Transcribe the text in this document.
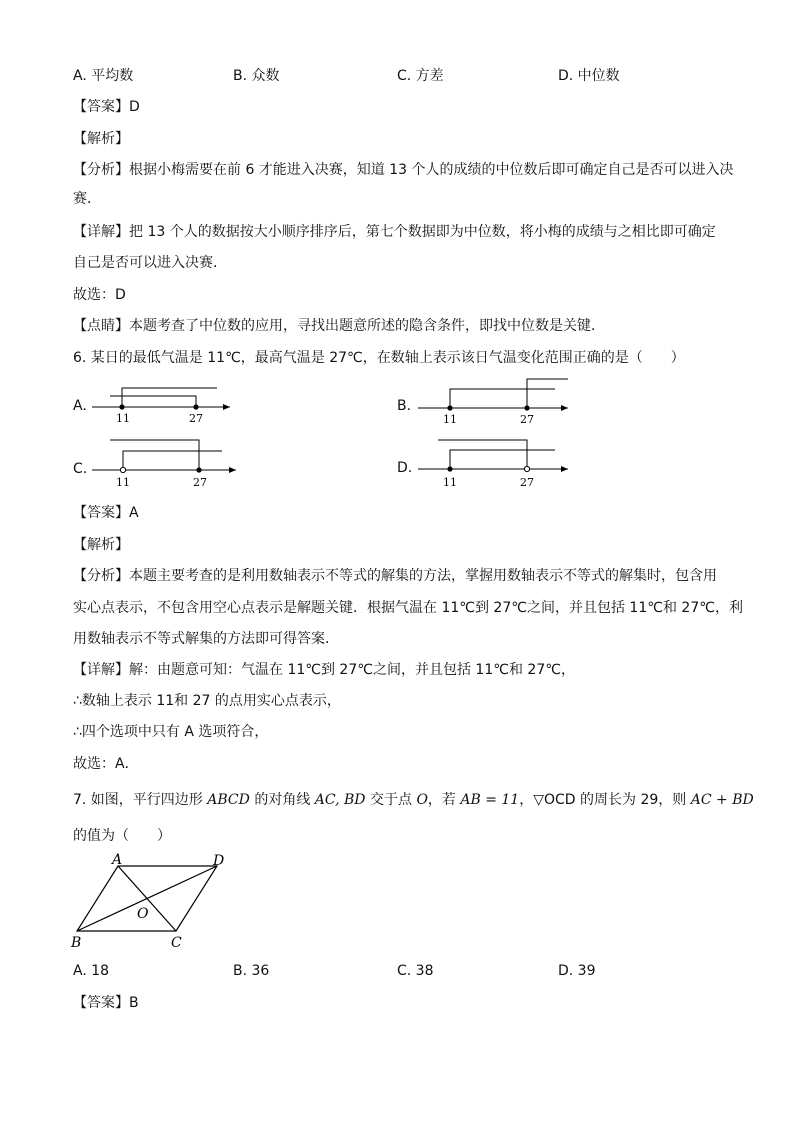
A. 平均数	B. 众数	C. 方差	D. 中位数
【答案】D
【解析】
【分析】根据小梅需要在前 6 才能进入决赛，知道 13 个人的成绩的中位数后即可确定自己是否可以进入决
赛．
【详解】把 13 个人的数据按大小顺序排序后，第七个数据即为中位数，将小梅的成绩与之相比即可确定
自己是否可以进入决赛．
故选：D
【点睛】本题考查了中位数的应用，寻找出题意所述的隐含条件，即找中位数是关键．
6. 某日的最低气温是 11℃，最高气温是 27℃，在数轴上表示该日气温变化范围正确的是（　　）
A.
11	27	11	27
11	27	11	27
B.
C.	D.
【答案】A
【解析】
【分析】本题主要考查的是利用数轴表示不等式的解集的方法，掌握用数轴表示不等式的解集时，包含用
实心点表示，不包含用空心点表示是解题关键．根据气温在 11℃到 27℃之间，并且包括 11℃和 27℃，利
用数轴表示不等式解集的方法即可得答案．
【详解】解：由题意可知：气温在 11℃到 27℃之间，并且包括 11℃和 27℃，
∴数轴上表示 11和 27 的点用实心点表示，
∴四个选项中只有 A 选项符合，
故选：A．
7. 如图，平行四边形 ABCD 的对角线 AC, BD 交于点 O，若 AB = 11，▽OCD 的周长为 29，则 AC + BD
的值为（　　）
A	D
B	C
O
A. 18	B. 36	C. 38	D. 39
【答案】B
